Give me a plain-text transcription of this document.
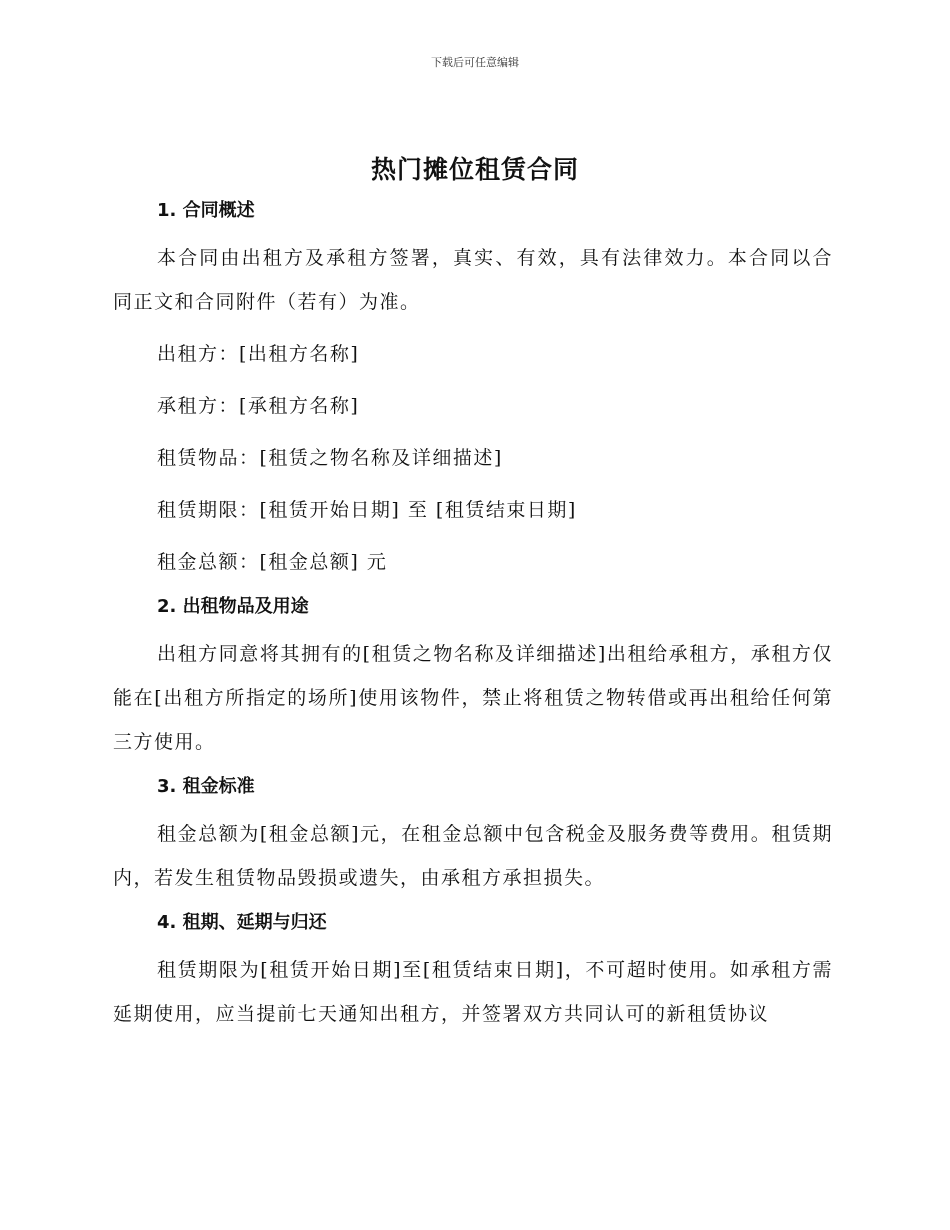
下载后可任意编辑
热门摊位租赁合同
1. 合同概述

本合同由出租方及承租方签署，真实、有效，具有法律效力。本合同以合同正文和合同附件（若有）为准。

出租方：[出租方名称]

承租方：[承租方名称]

租赁物品：[租赁之物名称及详细描述]

租赁期限：[租赁开始日期] 至 [租赁结束日期]

租金总额：[租金总额] 元

2. 出租物品及用途

出租方同意将其拥有的[租赁之物名称及详细描述]出租给承租方，承租方仅能在[出租方所指定的场所]使用该物件，禁止将租赁之物转借或再出租给任何第三方使用。

3. 租金标准

租金总额为[租金总额]元，在租金总额中包含税金及服务费等费用。租赁期内，若发生租赁物品毁损或遗失，由承租方承担损失。

4. 租期、延期与归还

租赁期限为[租赁开始日期]至[租赁结束日期]，不可超时使用。如承租方需延期使用，应当提前七天通知出租方，并签署双方共同认可的新租赁协议
